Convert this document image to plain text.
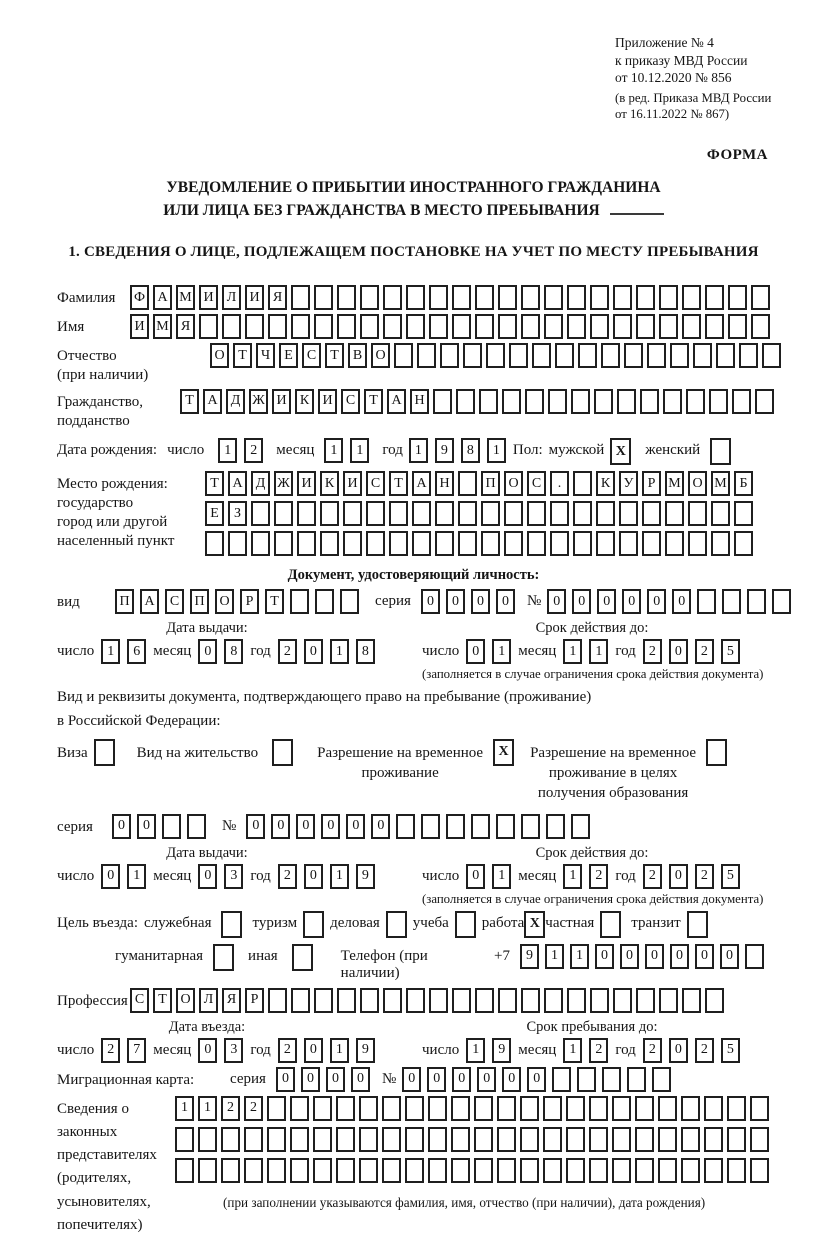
Приложение № 4
к приказу МВД России
от 10.12.2020 № 856
(в ред. Приказа МВД России
от 16.11.2022 № 867)
ФОРМА
УВЕДОМЛЕНИЕ О ПРИБЫТИИ ИНОСТРАННОГО ГРАЖДАНИНА
ИЛИ ЛИЦА БЕЗ ГРАЖДАНСТВА В МЕСТО ПРЕБЫВАНИЯ
1. СВЕДЕНИЯ О ЛИЦЕ, ПОДЛЕЖАЩЕМ ПОСТАНОВКЕ НА УЧЕТ ПО МЕСТУ ПРЕБЫВАНИЯ
Фамилия	Ф А М И Л И Я
Имя	И М Я
Отчество
(при наличии)
О Т	Ч	Е	С	Т	В О
Гражданство,
подданство
Т А Д Ж И К И С	Т А Н
Дата рождения: число	1	2	месяц	1	1	год 1	9	8	1 Пол: мужской X	женский
Место рождения:
государство
город или другой
населенный пункт
Т А Д Ж И К И С	Т А Н	П О С	.	К У	Р М О М Б
Е	З
Документ, удостоверяющий личность:
вид	П	А	С	П	О	Р	Т	серия	0	0	0	0	№ 0	0	0	0	0	0
Дата выдачи:
число 1	6 месяц 0	8 год 2	0	1	8
Срок действия до:
число 0	1 месяц 1	1 год 2	0	2	5
(заполняется в случае ограничения срока действия документа)
Вид и реквизиты документа, подтверждающего право на пребывание (проживание)
в Российской Федерации:
Виза	Вид на жительство	Разрешение на временное
проживание
X	Разрешение на временное
проживание в целях
получения образования
серия	0	0	№	0	0	0	0	0	0
Дата выдачи:
число 0	1 месяц 0	3 год 2	0	1	9
Срок действия до:
число 0	1 месяц 1	2 год 2	0	2	5
(заполняется в случае ограничения срока действия документа)
Цель въезда: служебная	туризм деловая учеба работа X частная транзит
гуманитарная	иная	Телефон (при наличии)
+7	9	1	1	0	0	0	0	0	0
Профессия С	Т О Л Я	Р
Дата въезда:
число 2	7 месяц 0	3 год 2	0	1	9
Срок пребывания до:
число 1	9 месяц 1	2 год 2	0	2	5
Миграционная карта:	серия	0	0	0	0	№ 0	0	0	0	0	0
Сведения о
законных
представителях
(родителях,
усыновителях,
попечителях)
1	1	2	2
(при заполнении указываются фамилия, имя, отчество (при наличии), дата рождения)
